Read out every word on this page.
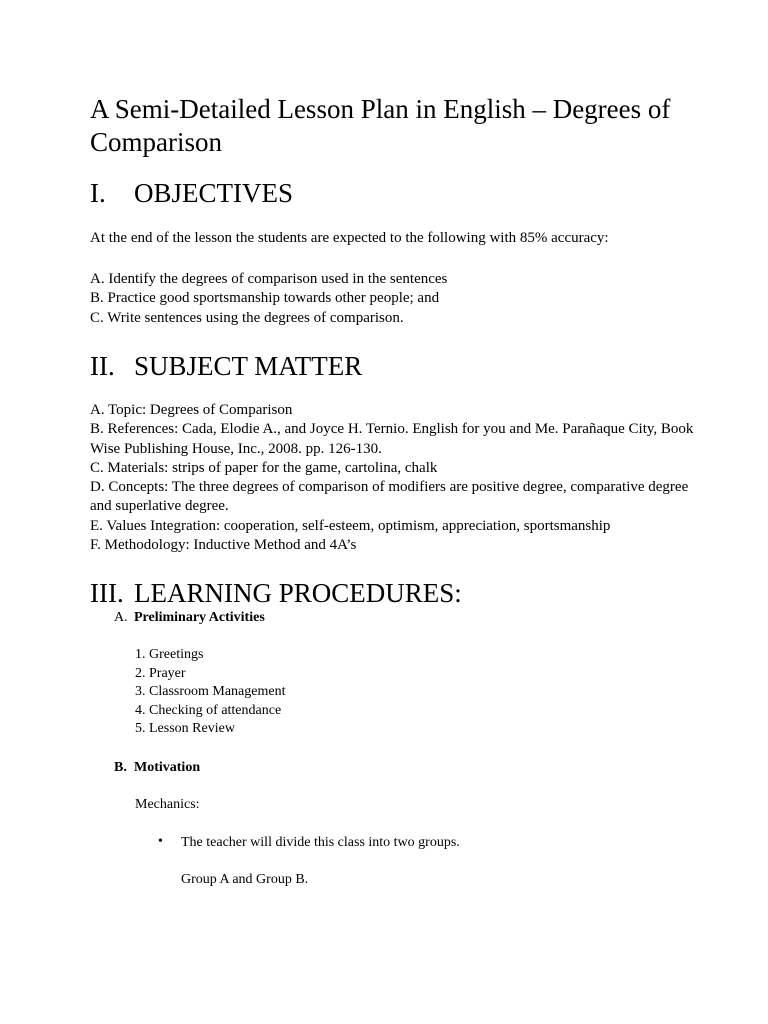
A Semi-Detailed Lesson Plan in English – Degrees of Comparison
I. OBJECTIVES
At the end of the lesson the students are expected to the following with 85% accuracy:
A. Identify the degrees of comparison used in the sentences
B. Practice good sportsmanship towards other people; and
C. Write sentences using the degrees of comparison.
II. SUBJECT MATTER
A. Topic: Degrees of Comparison
B. References: Cada, Elodie A., and Joyce H. Ternio. English for you and Me. Parañaque City, Book Wise Publishing House, Inc., 2008. pp. 126-130.
C. Materials: strips of paper for the game, cartolina, chalk
D. Concepts: The three degrees of comparison of modifiers are positive degree, comparative degree and superlative degree.
E. Values Integration: cooperation, self-esteem, optimism, appreciation, sportsmanship
F. Methodology: Inductive Method and 4A’s
III. LEARNING PROCEDURES:
A. Preliminary Activities
1. Greetings
2. Prayer
3. Classroom Management
4. Checking of attendance
5. Lesson Review
B. Motivation
Mechanics:
• The teacher will divide this class into two groups.
Group A and Group B.
